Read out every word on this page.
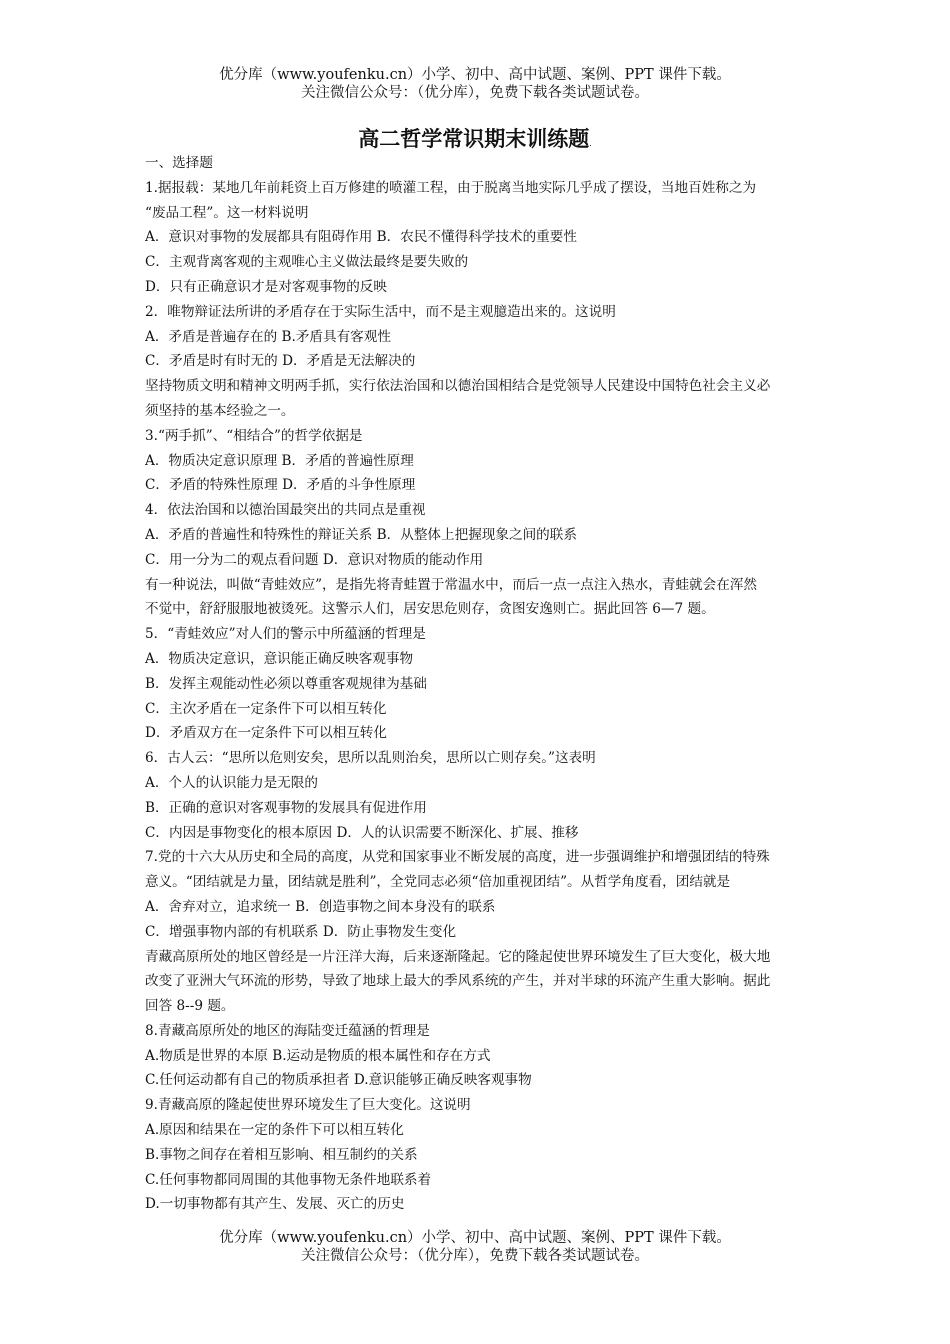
优分库（www.youfenku.cn）小学、初中、高中试题、案例、PPT 课件下载。
关注微信公众号：（优分库），免费下载各类试题试卷。
高二哲学常识期末训练题.
一、选择题
1.据报载：某地几年前耗资上百万修建的喷灌工程，由于脱离当地实际几乎成了摆设，当地百姓称之为
“废品工程”。这一材料说明
A．意识对事物的发展都具有阻碍作用 B．农民不懂得科学技术的重要性
C．主观背离客观的主观唯心主义做法最终是要失败的
D．只有正确意识才是对客观事物的反映
2．唯物辩证法所讲的矛盾存在于实际生活中，而不是主观臆造出来的。这说明
A．矛盾是普遍存在的 B.矛盾具有客观性
C．矛盾是时有时无的 D．矛盾是无法解决的
坚持物质文明和精神文明两手抓，实行依法治国和以德治国相结合是党领导人民建设中国特色社会主义必
须坚持的基本经验之一。
3.“两手抓”、“相结合”的哲学依据是
A．物质决定意识原理 B．矛盾的普遍性原理
C．矛盾的特殊性原理 D．矛盾的斗争性原理
4．依法治国和以德治国最突出的共同点是重视
A．矛盾的普遍性和特殊性的辩证关系 B．从整体上把握现象之间的联系
C．用一分为二的观点看问题 D．意识对物质的能动作用
有一种说法，叫做“青蛙效应”，是指先将青蛙置于常温水中，而后一点一点注入热水，青蛙就会在浑然
不觉中，舒舒服服地被烫死。这警示人们，居安思危则存，贪图安逸则亡。据此回答 6—7 题。
5．“青蛙效应”对人们的警示中所蕴涵的哲理是
A．物质决定意识，意识能正确反映客观事物
B．发挥主观能动性必须以尊重客观规律为基础
C．主次矛盾在一定条件下可以相互转化
D．矛盾双方在一定条件下可以相互转化
6．古人云：“思所以危则安矣，思所以乱则治矣，思所以亡则存矣。”这表明
A．个人的认识能力是无限的
B．正确的意识对客观事物的发展具有促进作用
C．内因是事物变化的根本原因 D．人的认识需要不断深化、扩展、推移
7.党的十六大从历史和全局的高度，从党和国家事业不断发展的高度，进一步强调维护和增强团结的特殊
意义。“团结就是力量，团结就是胜利”，全党同志必须“倍加重视团结”。从哲学角度看，团结就是
A．舍弃对立，追求统一 B．创造事物之间本身没有的联系
C．增强事物内部的有机联系 D．防止事物发生变化
青藏高原所处的地区曾经是一片汪洋大海，后来逐渐隆起。它的隆起使世界环境发生了巨大变化，极大地
改变了亚洲大气环流的形势，导致了地球上最大的季风系统的产生，并对半球的环流产生重大影响。据此
回答 8--9 题。
8.青藏高原所处的地区的海陆变迁蕴涵的哲理是
A.物质是世界的本原 B.运动是物质的根本属性和存在方式
C.任何运动都有自己的物质承担者 D.意识能够正确反映客观事物
9.青藏高原的隆起使世界环境发生了巨大变化。这说明
A.原因和结果在一定的条件下可以相互转化
B.事物之间存在着相互影响、相互制约的关系
C.任何事物都同周围的其他事物无条件地联系着
D.一切事物都有其产生、发展、灭亡的历史
优分库（www.youfenku.cn）小学、初中、高中试题、案例、PPT 课件下载。
关注微信公众号：（优分库），免费下载各类试题试卷。
